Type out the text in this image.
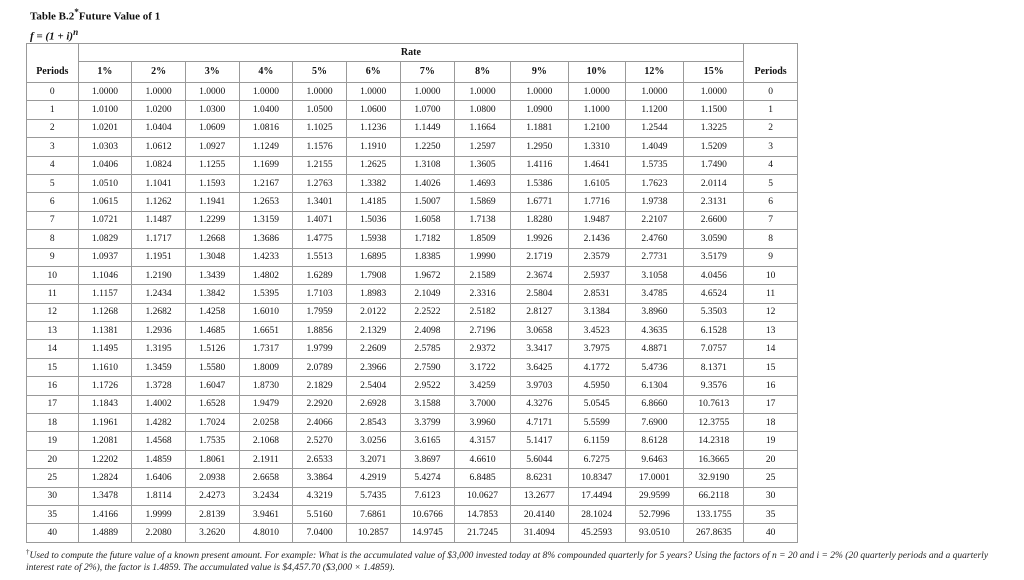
Table B.2*Future Value of 1
$f = (1 + i)^n$
	Rate												
Periods	1%	2%	3%	4%	5%	6%	7%	8%	9%	10%	12%	15%	Periods
0	1.0000	1.0000	1.0000	1.0000	1.0000	1.0000	1.0000	1.0000	1.0000	1.0000	1.0000	1.0000	0
1	1.0100	1.0200	1.0300	1.0400	1.0500	1.0600	1.0700	1.0800	1.0900	1.1000	1.1200	1.1500	1
2	1.0201	1.0404	1.0609	1.0816	1.1025	1.1236	1.1449	1.1664	1.1881	1.2100	1.2544	1.3225	2
3	1.0303	1.0612	1.0927	1.1249	1.1576	1.1910	1.2250	1.2597	1.2950	1.3310	1.4049	1.5209	3
4	1.0406	1.0824	1.1255	1.1699	1.2155	1.2625	1.3108	1.3605	1.4116	1.4641	1.5735	1.7490	4
5	1.0510	1.1041	1.1593	1.2167	1.2763	1.3382	1.4026	1.4693	1.5386	1.6105	1.7623	2.0114	5
6	1.0615	1.1262	1.1941	1.2653	1.3401	1.4185	1.5007	1.5869	1.6771	1.7716	1.9738	2.3131	6
7	1.0721	1.1487	1.2299	1.3159	1.4071	1.5036	1.6058	1.7138	1.8280	1.9487	2.2107	2.6600	7
8	1.0829	1.1717	1.2668	1.3686	1.4775	1.5938	1.7182	1.8509	1.9926	2.1436	2.4760	3.0590	8
9	1.0937	1.1951	1.3048	1.4233	1.5513	1.6895	1.8385	1.9990	2.1719	2.3579	2.7731	3.5179	9
10	1.1046	1.2190	1.3439	1.4802	1.6289	1.7908	1.9672	2.1589	2.3674	2.5937	3.1058	4.0456	10
11	1.1157	1.2434	1.3842	1.5395	1.7103	1.8983	2.1049	2.3316	2.5804	2.8531	3.4785	4.6524	11
12	1.1268	1.2682	1.4258	1.6010	1.7959	2.0122	2.2522	2.5182	2.8127	3.1384	3.8960	5.3503	12
13	1.1381	1.2936	1.4685	1.6651	1.8856	2.1329	2.4098	2.7196	3.0658	3.4523	4.3635	6.1528	13
14	1.1495	1.3195	1.5126	1.7317	1.9799	2.2609	2.5785	2.9372	3.3417	3.7975	4.8871	7.0757	14
15	1.1610	1.3459	1.5580	1.8009	2.0789	2.3966	2.7590	3.1722	3.6425	4.1772	5.4736	8.1371	15
16	1.1726	1.3728	1.6047	1.8730	2.1829	2.5404	2.9522	3.4259	3.9703	4.5950	6.1304	9.3576	16
17	1.1843	1.4002	1.6528	1.9479	2.2920	2.6928	3.1588	3.7000	4.3276	5.0545	6.8660	10.7613	17
18	1.1961	1.4282	1.7024	2.0258	2.4066	2.8543	3.3799	3.9960	4.7171	5.5599	7.6900	12.3755	18
19	1.2081	1.4568	1.7535	2.1068	2.5270	3.0256	3.6165	4.3157	5.1417	6.1159	8.6128	14.2318	19
20	1.2202	1.4859	1.8061	2.1911	2.6533	3.2071	3.8697	4.6610	5.6044	6.7275	9.6463	16.3665	20
25	1.2824	1.6406	2.0938	2.6658	3.3864	4.2919	5.4274	6.8485	8.6231	10.8347	17.0001	32.9190	25
30	1.3478	1.8114	2.4273	3.2434	4.3219	5.7435	7.6123	10.0627	13.2677	17.4494	29.9599	66.2118	30
35	1.4166	1.9999	2.8139	3.9461	5.5160	7.6861	10.6766	14.7853	20.4140	28.1024	52.7996	133.1755	35
40	1.4889	2.2080	3.2620	4.8010	7.0400	10.2857	14.9745	21.7245	31.4094	45.2593	93.0510	267.8635	40
†Used to compute the future value of a known present amount. For example: What is the accumulated value of $3,000 invested today at 8% compounded quarterly for 5 years? Using the factors of n = 20 and i = 2% (20 quarterly periods and a quarterly interest rate of 2%), the factor is 1.4859. The accumulated value is $4,457.70 ($3,000 × 1.4859).
